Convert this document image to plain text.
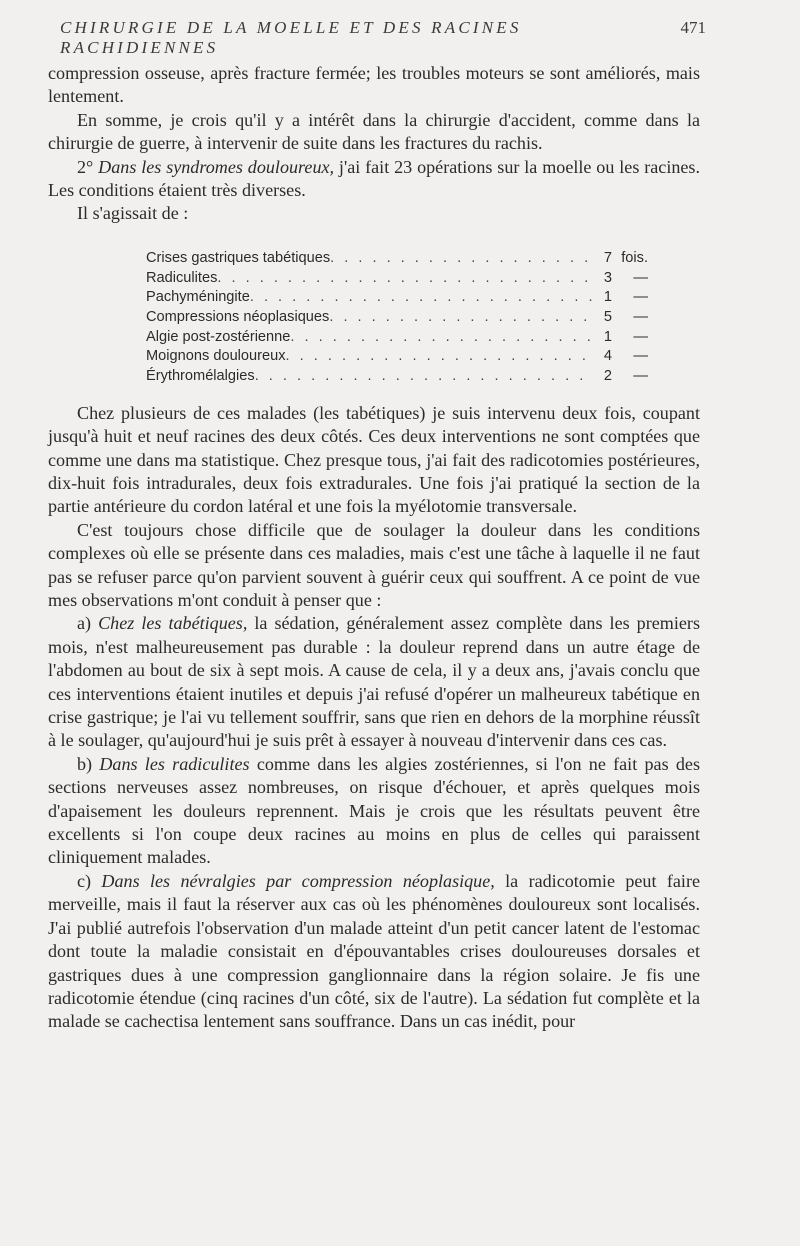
CHIRURGIE DE LA MOELLE ET DES RACINES RACHIDIENNES
471

compression osseuse, après fracture fermée; les troubles moteurs se sont améliorés, mais lentement.

En somme, je crois qu'il y a intérêt dans la chirurgie d'accident, comme dans la chirurgie de guerre, à intervenir de suite dans les fractures du rachis.

2° Dans les syndromes douloureux, j'ai fait 23 opérations sur la moelle ou les racines. Les conditions étaient très diverses.

Il s'agissait de :

Crises gastriques tabétiques . . .	7 fois.
Radiculites . . .	3	—
Pachyméningite . . .	1	—
Compressions néoplasiques . . .	5	—
Algie post-zostérienne . . .	1	—
Moignons douloureux . . .	4	—
Érythromélalgies . . .	2	—

Chez plusieurs de ces malades (les tabétiques) je suis intervenu deux fois, coupant jusqu'à huit et neuf racines des deux côtés. Ces deux interventions ne sont comptées que comme une dans ma statistique. Chez presque tous, j'ai fait des radicotomies postérieures, dix-huit fois intradurales, deux fois extradurales. Une fois j'ai pratiqué la section de la partie antérieure du cordon latéral et une fois la myélotomie transversale.

C'est toujours chose difficile que de soulager la douleur dans les conditions complexes où elle se présente dans ces maladies, mais c'est une tâche à laquelle il ne faut pas se refuser parce qu'on parvient souvent à guérir ceux qui souffrent. A ce point de vue mes observations m'ont conduit à penser que :

a) Chez les tabétiques, la sédation, généralement assez complète dans les premiers mois, n'est malheureusement pas durable : la douleur reprend dans un autre étage de l'abdomen au bout de six à sept mois. A cause de cela, il y a deux ans, j'avais conclu que ces interventions étaient inutiles et depuis j'ai refusé d'opérer un malheureux tabétique en crise gastrique; je l'ai vu tellement souffrir, sans que rien en dehors de la morphine réussît à le soulager, qu'aujourd'hui je suis prêt à essayer à nouveau d'intervenir dans ces cas.

b) Dans les radiculites comme dans les algies zostériennes, si l'on ne fait pas des sections nerveuses assez nombreuses, on risque d'échouer, et après quelques mois d'apaisement les douleurs reprennent. Mais je crois que les résultats peuvent être excellents si l'on coupe deux racines au moins en plus de celles qui paraissent cliniquement malades.

c) Dans les névralgies par compression néoplasique, la radicotomie peut faire merveille, mais il faut la réserver aux cas où les phénomènes douloureux sont localisés. J'ai publié autrefois l'observation d'un malade atteint d'un petit cancer latent de l'estomac dont toute la maladie consistait en d'épouvantables crises douloureuses dorsales et gastriques dues à une compression ganglionnaire dans la région solaire. Je fis une radicotomie étendue (cinq racines d'un côté, six de l'autre). La sédation fut complète et la malade se cachectisa lentement sans souffrance. Dans un cas inédit, pour
